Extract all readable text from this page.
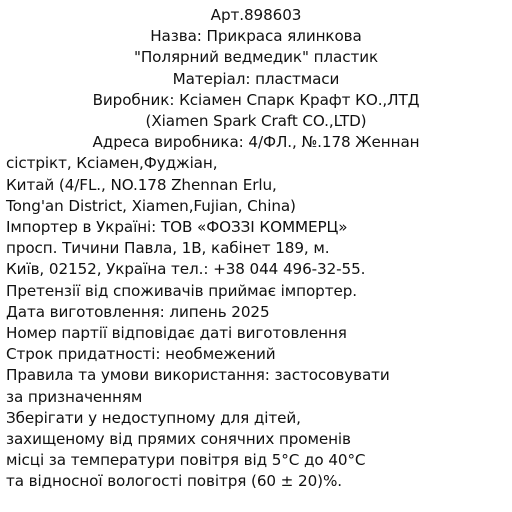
Арт.898603
Назва: Прикраса ялинкова
"Полярний ведмедик" пластик
Матеріал: пластмаси
Виробник: Ксіамен Спарк Крафт КО.,ЛТД
(Xiamen Spark Craft CO.,LTD)
Адреса виробника: 4/ФЛ., №.178 Женнан
сістрікт, Ксіамен,Фуджіан,
Китай (4/FL., NO.178 Zhennan Erlu,
Tong'an District, Xiamen,Fujian, China)
Імпортер в Україні: ТОВ «ФОЗЗІ КОММЕРЦ»
просп. Тичини Павла, 1В, кабінет 189, м.
Київ, 02152, Україна тел.: +38 044 496-32-55.
Претензії від споживачів приймає імпортер.
Дата виготовлення: липень 2025
Номер партії відповідає даті виготовлення
Строк придатності: необмежений
Правила та умови використання: застосовувати
за призначенням
Зберігати у недоступному для дітей,
захищеному від прямих сонячних променів
місці за температури повітря від 5°С до 40°С
та відносної вологості повітря (60 ± 20)%.
